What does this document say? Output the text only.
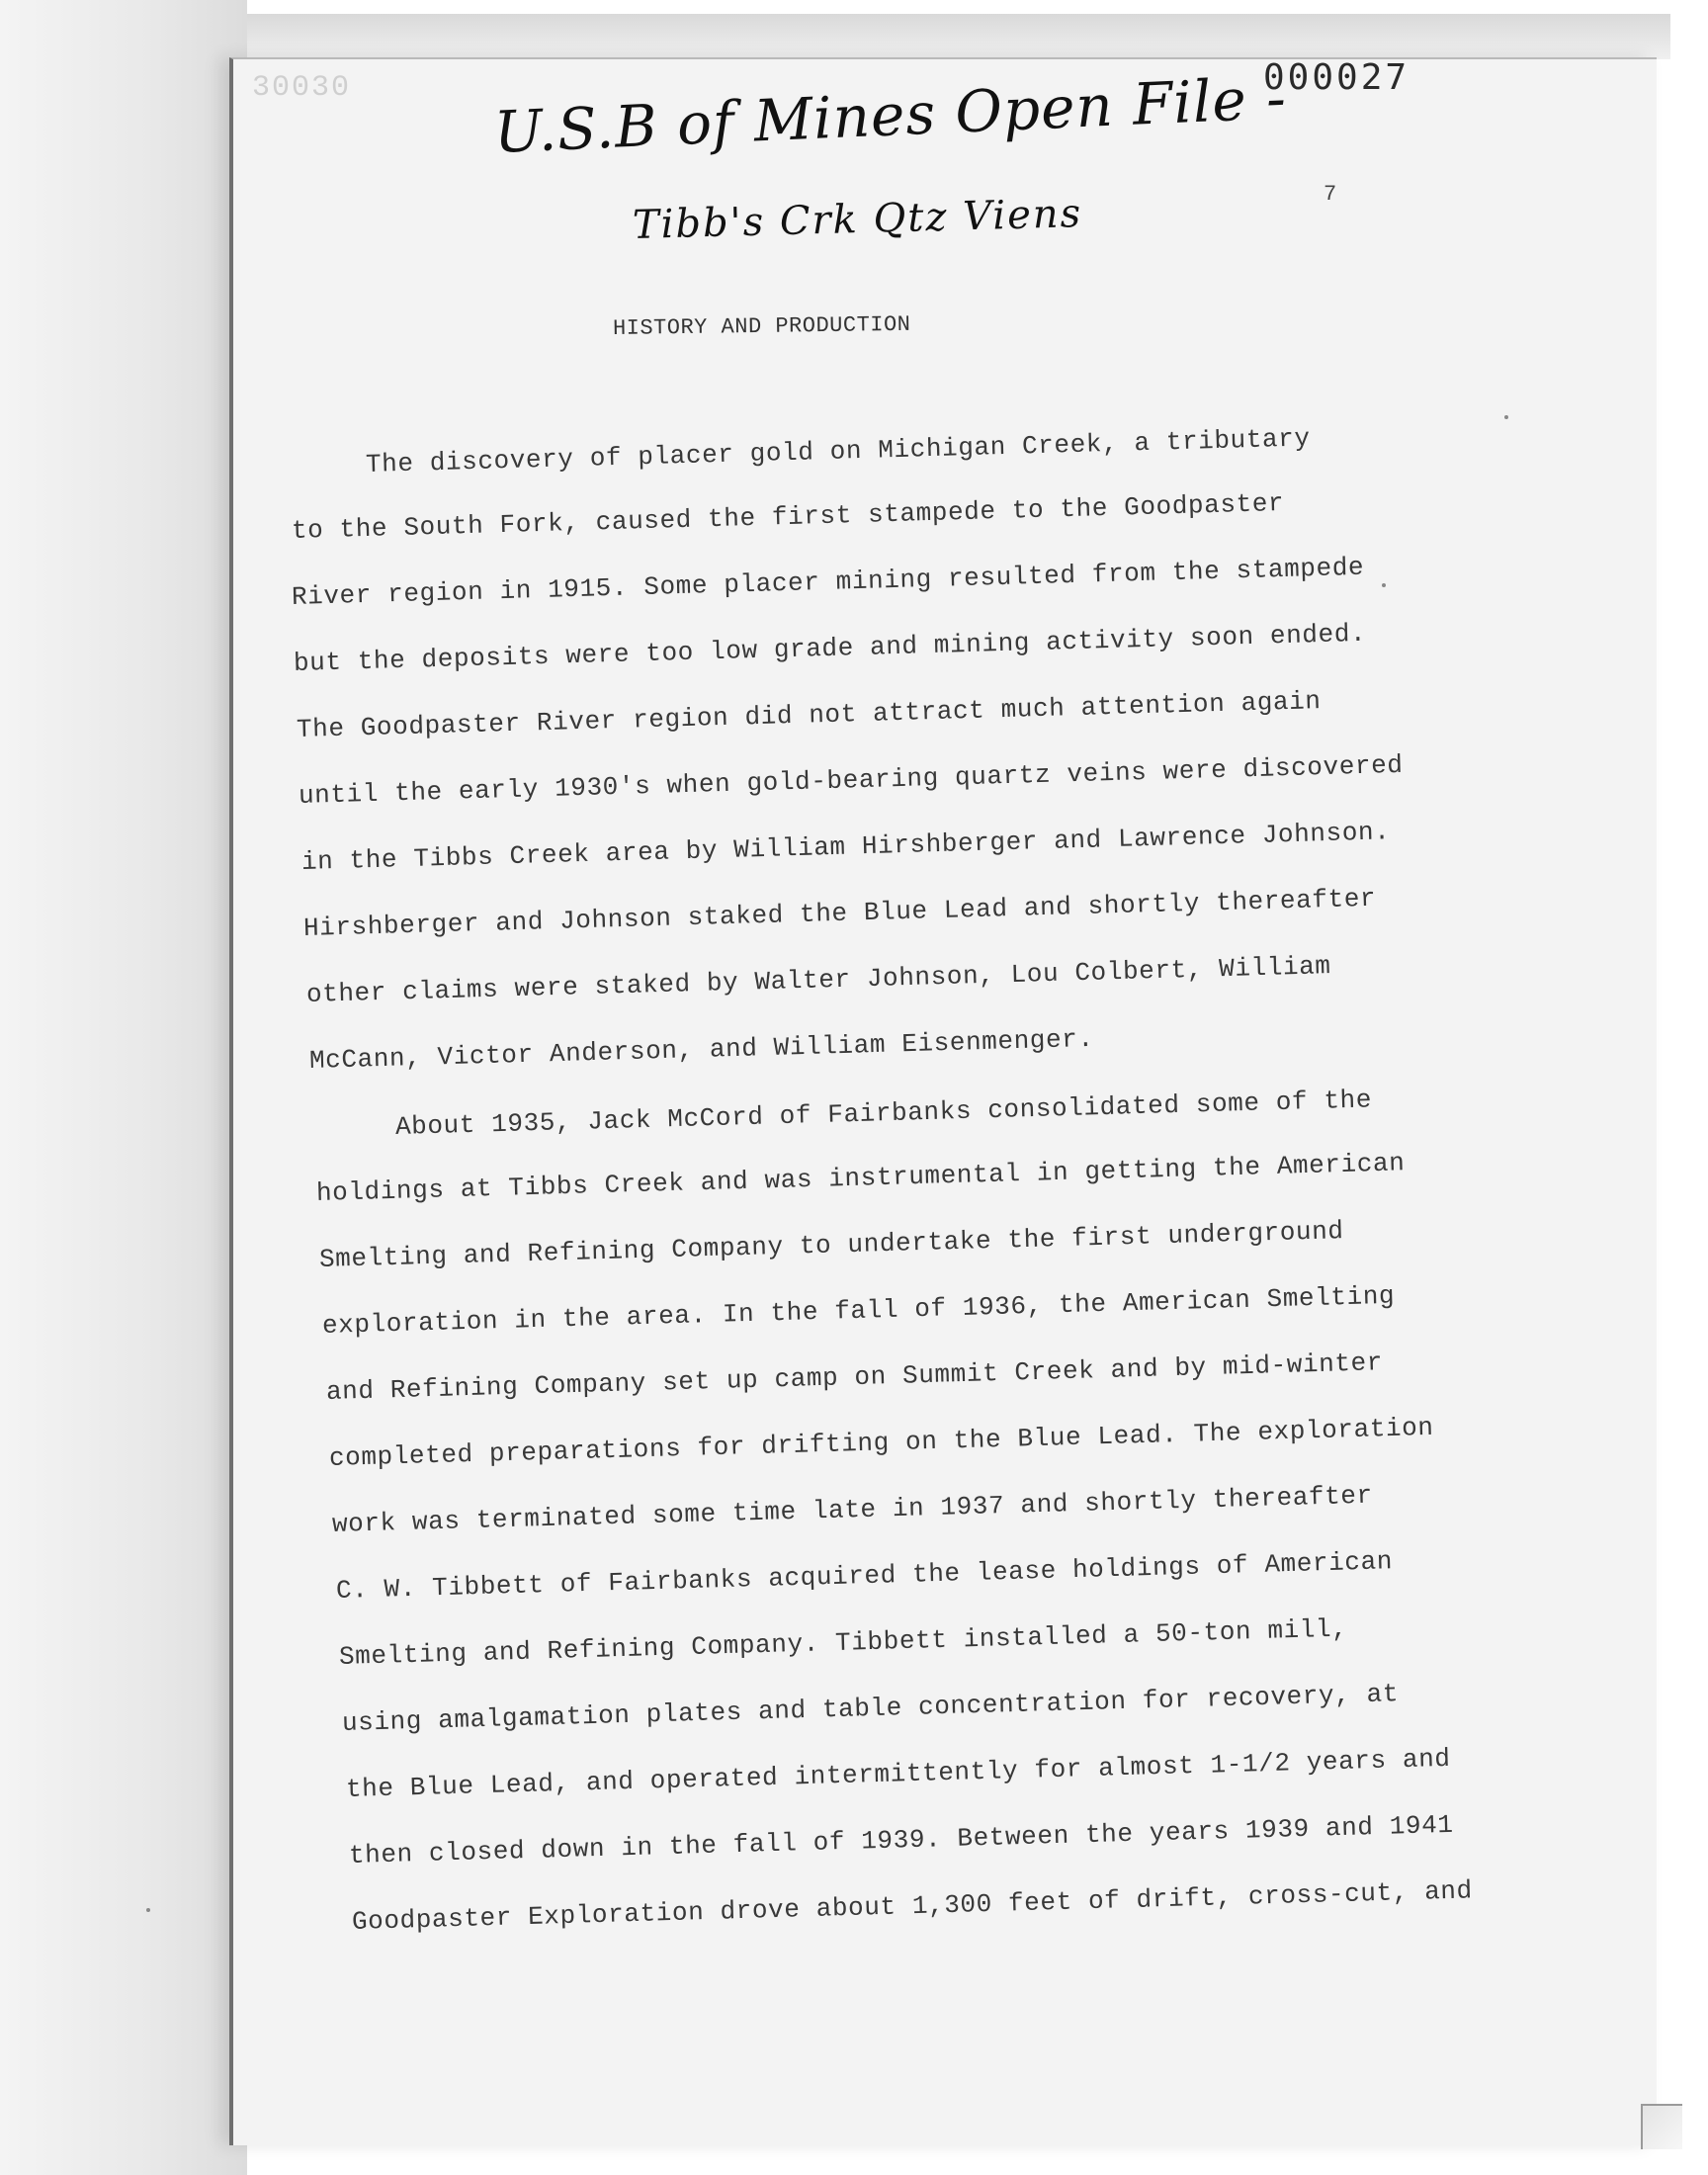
30030	000027
7
U.S.B of Mines Open File -
Tibb's Crk Qtz Viens
HISTORY AND PRODUCTION
The discovery of placer gold on Michigan Creek, a tributary
to the South Fork, caused the first stampede to the Goodpaster
River region in 1915. Some placer mining resulted from the stampede
but the deposits were too low grade and mining activity soon ended.
The Goodpaster River region did not attract much attention again
until the early 1930's when gold-bearing quartz veins were discovered
in the Tibbs Creek area by William Hirshberger and Lawrence Johnson.
Hirshberger and Johnson staked the Blue Lead and shortly thereafter
other claims were staked by Walter Johnson, Lou Colbert, William
McCann, Victor Anderson, and William Eisenmenger.
About 1935, Jack McCord of Fairbanks consolidated some of the
holdings at Tibbs Creek and was instrumental in getting the American
Smelting and Refining Company to undertake the first underground
exploration in the area. In the fall of 1936, the American Smelting
and Refining Company set up camp on Summit Creek and by mid-winter
completed preparations for drifting on the Blue Lead. The exploration
work was terminated some time late in 1937 and shortly thereafter
C. W. Tibbett of Fairbanks acquired the lease holdings of American
Smelting and Refining Company. Tibbett installed a 50-ton mill,
using amalgamation plates and table concentration for recovery, at
the Blue Lead, and operated intermittently for almost 1-1/2 years and
then closed down in the fall of 1939. Between the years 1939 and 1941
Goodpaster Exploration drove about 1,300 feet of drift, cross-cut, and
